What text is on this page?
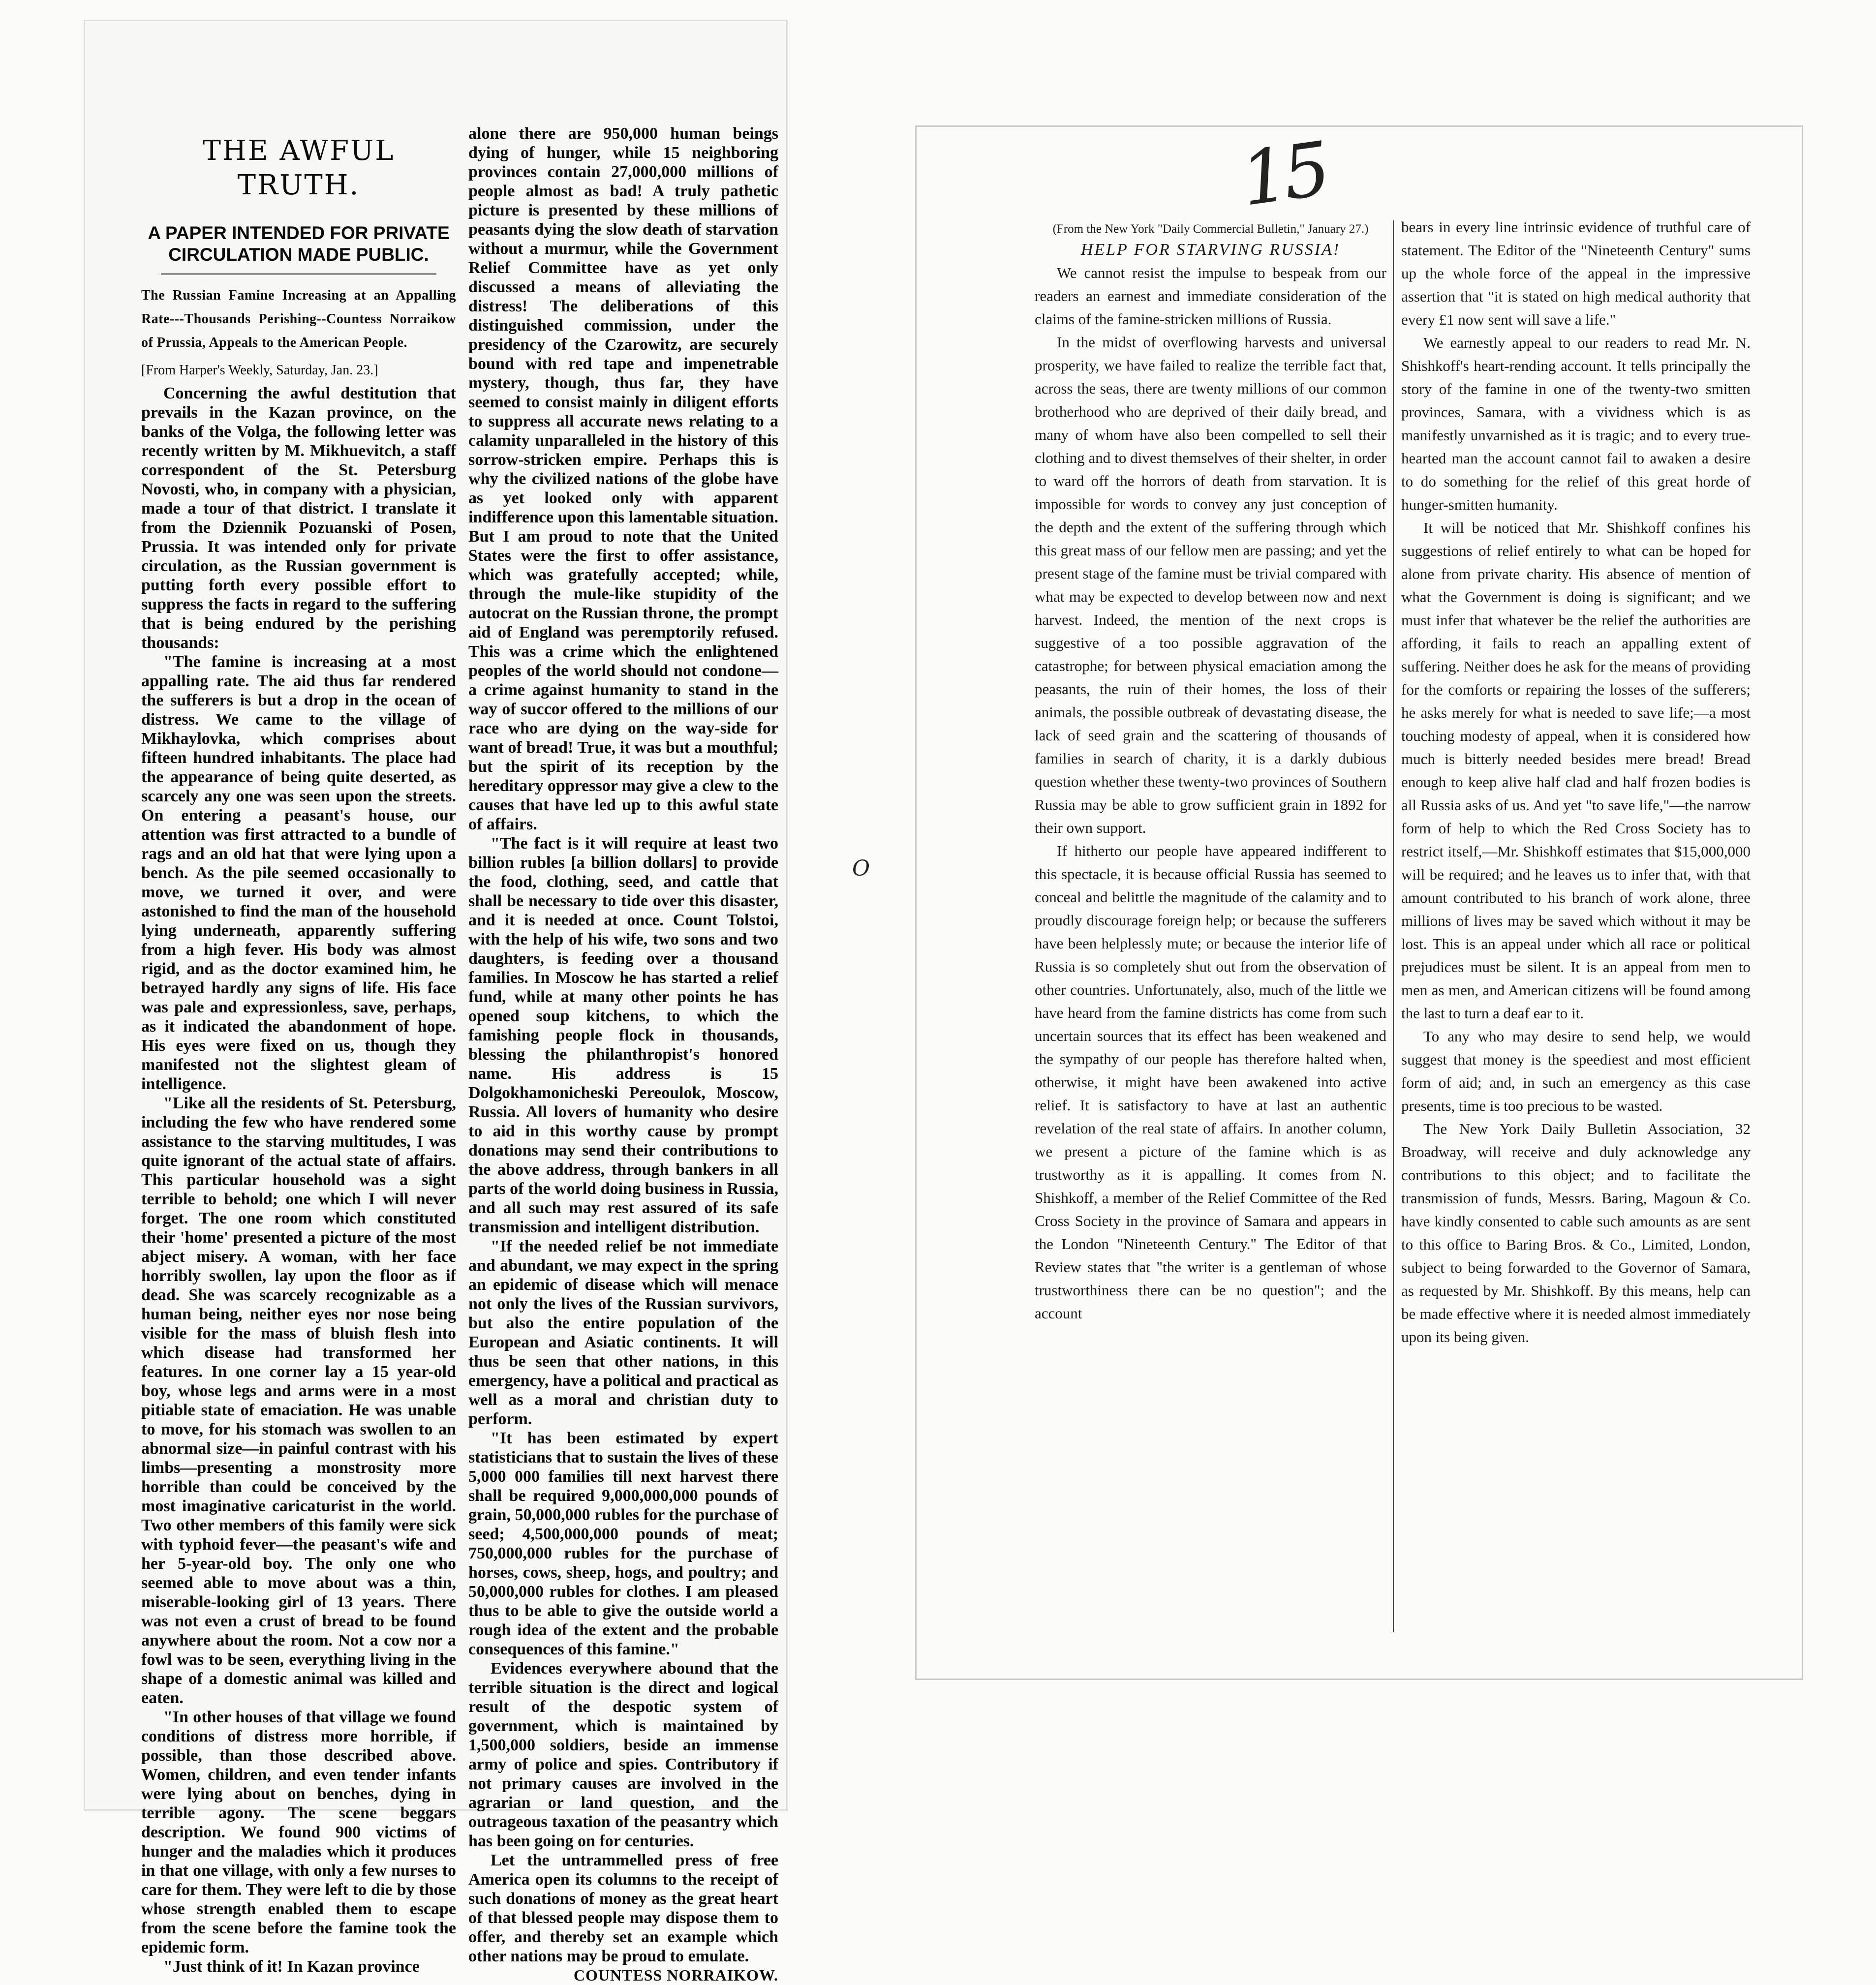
THE AWFUL TRUTH.
A PAPER INTENDED FOR PRIVATE CIRCULATION MADE PUBLIC.
The Russian Famine Increasing at an Appalling Rate---Thousands Perishing--Countess Norraikow of Prussia, Appeals to the American People.

[From Harper's Weekly, Saturday, Jan. 23.]

Concerning the awful destitution that prevails in the Kazan province, on the banks of the Volga, the following letter was recently written by M. Mikhuevitch, a staff correspondent of the St. Petersburg Novosti, who, in company with a physician, made a tour of that district. I translate it from the Dziennik Pozuanski of Posen, Prussia. It was intended only for private circulation, as the Russian government is putting forth every possible effort to suppress the facts in regard to the suffering that is being endured by the perishing thousands:

"The famine is increasing at a most appalling rate. The aid thus far rendered the sufferers is but a drop in the ocean of distress. We came to the village of Mikhaylovka, which comprises about fifteen hundred inhabitants. The place had the appearance of being quite deserted, as scarcely any one was seen upon the streets. On entering a peasant's house, our attention was first attracted to a bundle of rags and an old hat that were lying upon a bench. As the pile seemed occasionally to move, we turned it over, and were astonished to find the man of the household lying underneath, apparently suffering from a high fever. His body was almost rigid, and as the doctor examined him, he betrayed hardly any signs of life. His face was pale and expressionless, save, perhaps, as it indicated the abandonment of hope. His eyes were fixed on us, though they manifested not the slightest gleam of intelligence.

"Like all the residents of St. Petersburg, including the few who have rendered some assistance to the starving multitudes, I was quite ignorant of the actual state of affairs. This particular household was a sight terrible to behold; one which I will never forget. The one room which constituted their 'home' presented a picture of the most abject misery. A woman, with her face horribly swollen, lay upon the floor as if dead. She was scarcely recognizable as a human being, neither eyes nor nose being visible for the mass of bluish flesh into which disease had transformed her features. In one corner lay a 15 year-old boy, whose legs and arms were in a most pitiable state of emaciation. He was unable to move, for his stomach was swollen to an abnormal size—in painful contrast with his limbs—presenting a monstrosity more horrible than could be conceived by the most imaginative caricaturist in the world. Two other members of this family were sick with typhoid fever—the peasant's wife and her 5-year-old boy. The only one who seemed able to move about was a thin, miserable-looking girl of 13 years. There was not even a crust of bread to be found anywhere about the room. Not a cow nor a fowl was to be seen, everything living in the shape of a domestic animal was killed and eaten.

"In other houses of that village we found conditions of distress more horrible, if possible, than those described above. Women, children, and even tender infants were lying about on benches, dying in terrible agony. The scene beggars description. We found 900 victims of hunger and the maladies which it produces in that one village, with only a few nurses to care for them. They were left to die by those whose strength enabled them to escape from the scene before the famine took the epidemic form.

"Just think of it! In Kazan province

alone there are 950,000 human beings dying of hunger, while 15 neighboring provinces contain 27,000,000 millions of people almost as bad! A truly pathetic picture is presented by these millions of peasants dying the slow death of starvation without a murmur, while the Government Relief Committee have as yet only discussed a means of alleviating the distress! The deliberations of this distinguished commission, under the presidency of the Czarowitz, are securely bound with red tape and impenetrable mystery, though, thus far, they have seemed to consist mainly in diligent efforts to suppress all accurate news relating to a calamity unparalleled in the history of this sorrow-stricken empire. Perhaps this is why the civilized nations of the globe have as yet looked only with apparent indifference upon this lamentable situation. But I am proud to note that the United States were the first to offer assistance, which was gratefully accepted; while, through the mule-like stupidity of the autocrat on the Russian throne, the prompt aid of England was peremptorily refused. This was a crime which the enlightened peoples of the world should not condone—a crime against humanity to stand in the way of succor offered to the millions of our race who are dying on the way-side for want of bread! True, it was but a mouthful; but the spirit of its reception by the hereditary oppressor may give a clew to the causes that have led up to this awful state of affairs.

"The fact is it will require at least two billion rubles [a billion dollars] to provide the food, clothing, seed, and cattle that shall be necessary to tide over this disaster, and it is needed at once. Count Tolstoi, with the help of his wife, two sons and two daughters, is feeding over a thousand families. In Moscow he has started a relief fund, while at many other points he has opened soup kitchens, to which the famishing people flock in thousands, blessing the philanthropist's honored name. His address is 15 Dolgokhamonicheski Pereoulok, Moscow, Russia. All lovers of humanity who desire to aid in this worthy cause by prompt donations may send their contributions to the above address, through bankers in all parts of the world doing business in Russia, and all such may rest assured of its safe transmission and intelligent distribution.

"If the needed relief be not immediate and abundant, we may expect in the spring an epidemic of disease which will menace not only the lives of the Russian survivors, but also the entire population of the European and Asiatic continents. It will thus be seen that other nations, in this emergency, have a political and practical as well as a moral and christian duty to perform.

"It has been estimated by expert statisticians that to sustain the lives of these 5,000 000 families till next harvest there shall be required 9,000,000,000 pounds of grain, 50,000,000 rubles for the purchase of seed; 4,500,000,000 pounds of meat; 750,000,000 rubles for the purchase of horses, cows, sheep, hogs, and poultry; and 50,000,000 rubles for clothes. I am pleased thus to be able to give the outside world a rough idea of the extent and the probable consequences of this famine."

Evidences everywhere abound that the terrible situation is the direct and logical result of the despotic system of government, which is maintained by 1,500,000 soldiers, beside an immense army of police and spies. Contributory if not primary causes are involved in the agrarian or land question, and the outrageous taxation of the peasantry which has been going on for centuries.

Let the untrammelled press of free America open its columns to the receipt of such donations of money as the great heart of that blessed people may dispose them to offer, and thereby set an example which other nations may be proud to emulate.

COUNTESS NORRAIKOW.

O
15

(From the New York "Daily Commercial Bulletin," January 27.)

HELP FOR STARVING RUSSIA!

We cannot resist the impulse to bespeak from our readers an earnest and immediate consideration of the claims of the famine-stricken millions of Russia.

In the midst of overflowing harvests and universal prosperity, we have failed to realize the terrible fact that, across the seas, there are twenty millions of our common brotherhood who are deprived of their daily bread, and many of whom have also been compelled to sell their clothing and to divest themselves of their shelter, in order to ward off the horrors of death from starvation. It is impossible for words to convey any just conception of the depth and the extent of the suffering through which this great mass of our fellow men are passing; and yet the present stage of the famine must be trivial compared with what may be expected to develop between now and next harvest. Indeed, the mention of the next crops is suggestive of a too possible aggravation of the catastrophe; for between physical emaciation among the peasants, the ruin of their homes, the loss of their animals, the possible outbreak of devastating disease, the lack of seed grain and the scattering of thousands of families in search of charity, it is a darkly dubious question whether these twenty-two provinces of Southern Russia may be able to grow sufficient grain in 1892 for their own support.

If hitherto our people have appeared indifferent to this spectacle, it is because official Russia has seemed to conceal and belittle the magnitude of the calamity and to proudly discourage foreign help; or because the sufferers have been helplessly mute; or because the interior life of Russia is so completely shut out from the observation of other countries. Unfortunately, also, much of the little we have heard from the famine districts has come from such uncertain sources that its effect has been weakened and the sympathy of our people has therefore halted when, otherwise, it might have been awakened into active relief. It is satisfactory to have at last an authentic revelation of the real state of affairs. In another column, we present a picture of the famine which is as trustworthy as it is appalling. It comes from N. Shishkoff, a member of the Relief Committee of the Red Cross Society in the province of Samara and appears in the London "Nineteenth Century." The Editor of that Review states that "the writer is a gentleman of whose trustworthiness there can be no question"; and the account

bears in every line intrinsic evidence of truthful care of statement. The Editor of the "Nineteenth Century" sums up the whole force of the appeal in the impressive assertion that "it is stated on high medical authority that every £1 now sent will save a life."

We earnestly appeal to our readers to read Mr. N. Shishkoff's heart-rending account. It tells principally the story of the famine in one of the twenty-two smitten provinces, Samara, with a vividness which is as manifestly unvarnished as it is tragic; and to every true-hearted man the account cannot fail to awaken a desire to do something for the relief of this great horde of hunger-smitten humanity.

It will be noticed that Mr. Shishkoff confines his suggestions of relief entirely to what can be hoped for alone from private charity. His absence of mention of what the Government is doing is significant; and we must infer that whatever be the relief the authorities are affording, it fails to reach an appalling extent of suffering. Neither does he ask for the means of providing for the comforts or repairing the losses of the sufferers; he asks merely for what is needed to save life;—a most touching modesty of appeal, when it is considered how much is bitterly needed besides mere bread! Bread enough to keep alive half clad and half frozen bodies is all Russia asks of us. And yet "to save life,"—the narrow form of help to which the Red Cross Society has to restrict itself,—Mr. Shishkoff estimates that $15,000,000 will be required; and he leaves us to infer that, with that amount contributed to his branch of work alone, three millions of lives may be saved which without it may be lost. This is an appeal under which all race or political prejudices must be silent. It is an appeal from men to men as men, and American citizens will be found among the last to turn a deaf ear to it.

To any who may desire to send help, we would suggest that money is the speediest and most efficient form of aid; and, in such an emergency as this case presents, time is too precious to be wasted.

The New York Daily Bulletin Association, 32 Broadway, will receive and duly acknowledge any contributions to this object; and to facilitate the transmission of funds, Messrs. Baring, Magoun & Co. have kindly consented to cable such amounts as are sent to this office to Baring Bros. & Co., Limited, London, subject to being forwarded to the Governor of Samara, as requested by Mr. Shishkoff. By this means, help can be made effective where it is needed almost immediately upon its being given.
